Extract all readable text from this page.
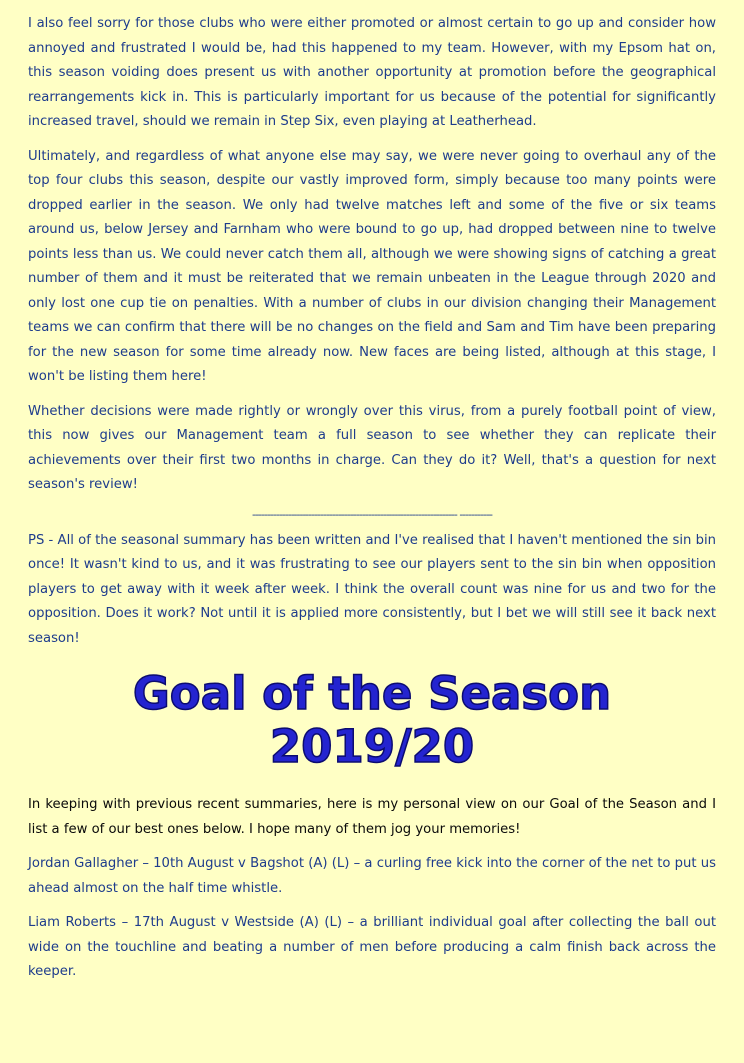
I also feel sorry for those clubs who were either promoted or almost certain to go up and consider how annoyed and frustrated I would be, had this happened to my team. However, with my Epsom hat on, this season voiding does present us with another opportunity at promotion before the geographical rearrangements kick in. This is particularly important for us because of the potential for significantly increased travel, should we remain in Step Six, even playing at Leatherhead.

Ultimately, and regardless of what anyone else may say, we were never going to overhaul any of the top four clubs this season, despite our vastly improved form, simply because too many points were dropped earlier in the season. We only had twelve matches left and some of the five or six teams around us, below Jersey and Farnham who were bound to go up, had dropped between nine to twelve points less than us. We could never catch them all, although we were showing signs of catching a great number of them and it must be reiterated that we remain unbeaten in the League through 2020 and only lost one cup tie on penalties. With a number of clubs in our division changing their Management teams we can confirm that there will be no changes on the field and Sam and Tim have been preparing for the new season for some time already now. New faces are being listed, although at this stage, I won't be listing them here!

Whether decisions were made rightly or wrongly over this virus, from a purely football point of view, this now gives our Management team a full season to see whether they can replicate their achievements over their first two months in charge. Can they do it? Well, that's a question for next season's review!

--------------------------------------------------------------------- -----------

PS - All of the seasonal summary has been written and I've realised that I haven't mentioned the sin bin once! It wasn't kind to us, and it was frustrating to see our players sent to the sin bin when opposition players to get away with it week after week. I think the overall count was nine for us and two for the opposition. Does it work? Not until it is applied more consistently, but I bet we will still see it back next season!

Goal of the Season 2019/20

In keeping with previous recent summaries, here is my personal view on our Goal of the Season and I list a few of our best ones below. I hope many of them jog your memories!

Jordan Gallagher – 10th August v Bagshot (A) (L) – a curling free kick into the corner of the net to put us ahead almost on the half time whistle.

Liam Roberts – 17th August v Westside (A) (L) – a brilliant individual goal after collecting the ball out wide on the touchline and beating a number of men before producing a calm finish back across the keeper.
